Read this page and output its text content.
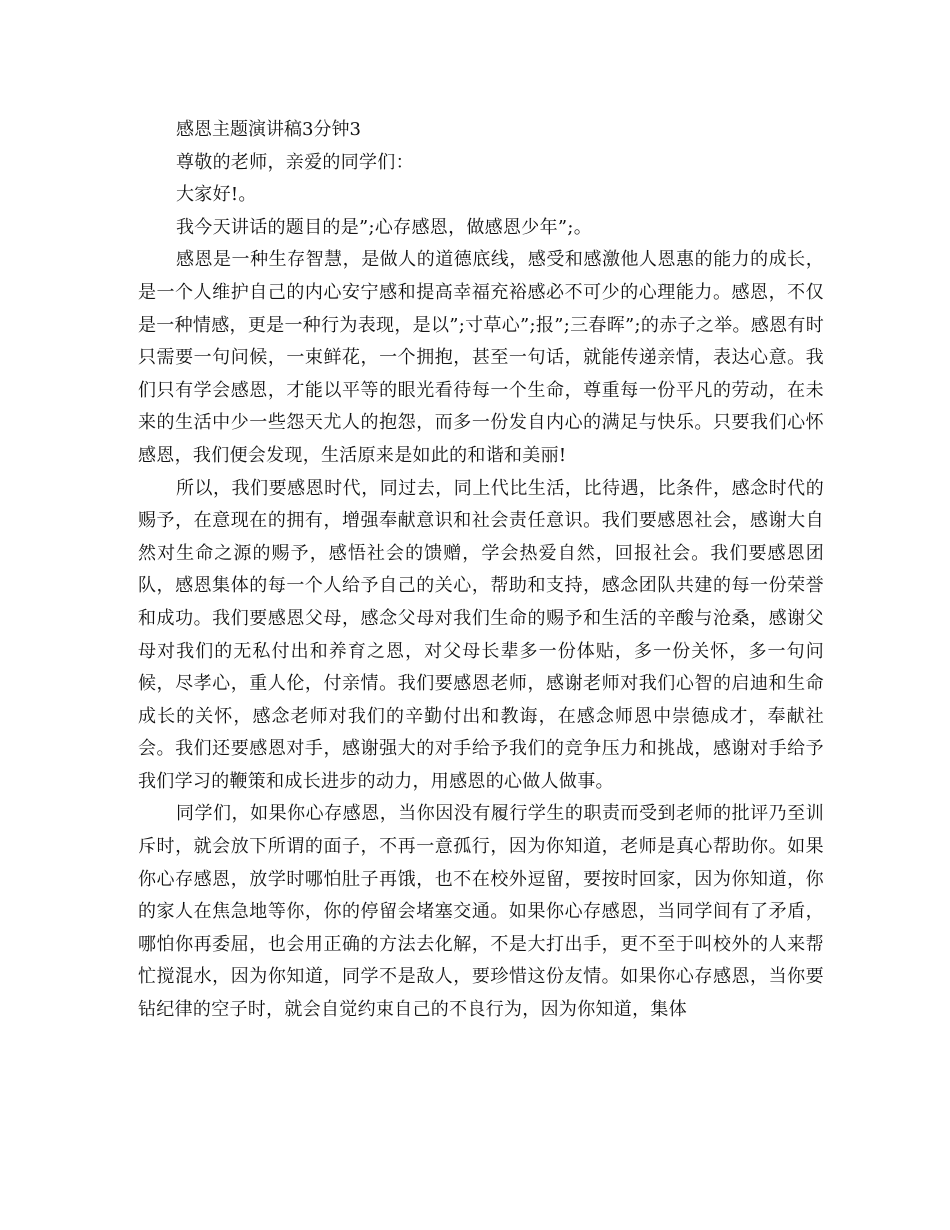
感恩主题演讲稿3分钟3

尊敬的老师，亲爱的同学们：

大家好!。

我今天讲话的题目的是”;心存感恩，做感恩少年”;。

感恩是一种生存智慧，是做人的道德底线，感受和感激他人恩惠的能力的成长，是一个人维护自己的内心安宁感和提高幸福充裕感必不可少的心理能力。感恩，不仅是一种情感，更是一种行为表现，是以”;寸草心”;报”;三春晖”;的赤子之举。感恩有时只需要一句问候，一束鲜花，一个拥抱，甚至一句话，就能传递亲情，表达心意。我们只有学会感恩，才能以平等的眼光看待每一个生命，尊重每一份平凡的劳动，在未来的生活中少一些怨天尤人的抱怨，而多一份发自内心的满足与快乐。只要我们心怀感恩，我们便会发现，生活原来是如此的和谐和美丽!

所以，我们要感恩时代，同过去，同上代比生活，比待遇，比条件，感念时代的赐予，在意现在的拥有，增强奉献意识和社会责任意识。我们要感恩社会，感谢大自然对生命之源的赐予，感悟社会的馈赠，学会热爱自然，回报社会。我们要感恩团队，感恩集体的每一个人给予自己的关心，帮助和支持，感念团队共建的每一份荣誉和成功。我们要感恩父母，感念父母对我们生命的赐予和生活的辛酸与沧桑，感谢父母对我们的无私付出和养育之恩，对父母长辈多一份体贴，多一份关怀，多一句问候，尽孝心，重人伦，付亲情。我们要感恩老师，感谢老师对我们心智的启迪和生命成长的关怀，感念老师对我们的辛勤付出和教诲，在感念师恩中崇德成才，奉献社会。我们还要感恩对手，感谢强大的对手给予我们的竞争压力和挑战，感谢对手给予我们学习的鞭策和成长进步的动力，用感恩的心做人做事。

同学们，如果你心存感恩，当你因没有履行学生的职责而受到老师的批评乃至训斥时，就会放下所谓的面子，不再一意孤行，因为你知道，老师是真心帮助你。如果你心存感恩，放学时哪怕肚子再饿，也不在校外逗留，要按时回家，因为你知道，你的家人在焦急地等你，你的停留会堵塞交通。如果你心存感恩，当同学间有了矛盾，哪怕你再委屈，也会用正确的方法去化解，不是大打出手，更不至于叫校外的人来帮忙搅混水，因为你知道，同学不是敌人，要珍惜这份友情。如果你心存感恩，当你要钻纪律的空子时，就会自觉约束自己的不良行为，因为你知道，集体
